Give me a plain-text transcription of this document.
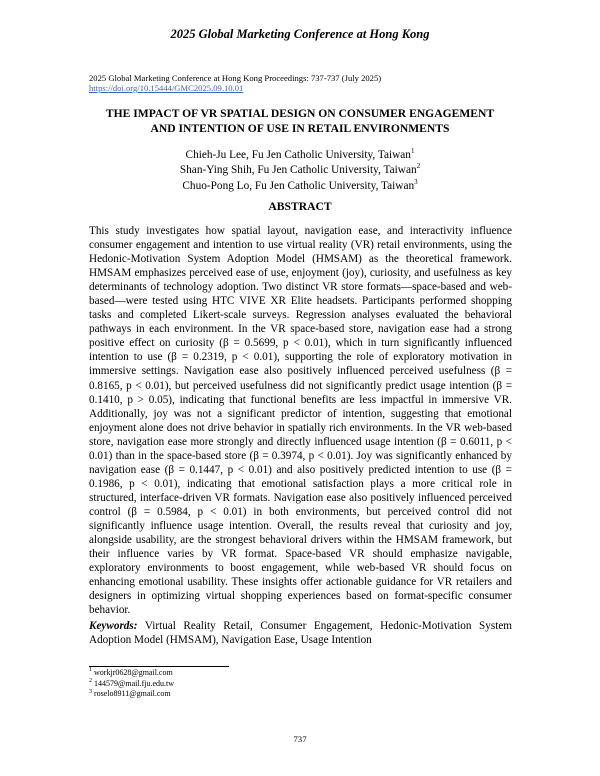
2025 Global Marketing Conference at Hong Kong
2025 Global Marketing Conference at Hong Kong Proceedings: 737-737 (July 2025)
https://doi.org/10.15444/GMC2025.09.10.01
THE IMPACT OF VR SPATIAL DESIGN ON CONSUMER ENGAGEMENT
AND INTENTION OF USE IN RETAIL ENVIRONMENTS
Chieh-Ju Lee, Fu Jen Catholic University, Taiwan$^1$
Shan-Ying Shih, Fu Jen Catholic University, Taiwan$^2$
Chuo-Pong Lo, Fu Jen Catholic University, Taiwan$^3$
ABSTRACT
This study investigates how spatial layout, navigation ease, and interactivity influence consumer engagement and intention to use virtual reality (VR) retail environments, using the Hedonic-Motivation System Adoption Model (HMSAM) as the theoretical framework. HMSAM emphasizes perceived ease of use, enjoyment (joy), curiosity, and usefulness as key determinants of technology adoption. Two distinct VR store formats—space-based and web-based—were tested using HTC VIVE XR Elite headsets. Participants performed shopping tasks and completed Likert-scale surveys. Regression analyses evaluated the behavioral pathways in each environment. In the VR space-based store, navigation ease had a strong positive effect on curiosity (β = 0.5699, p < 0.01), which in turn significantly influenced intention to use (β = 0.2319, p < 0.01), supporting the role of exploratory motivation in immersive settings. Navigation ease also positively influenced perceived usefulness (β = 0.8165, p < 0.01), but perceived usefulness did not significantly predict usage intention (β = 0.1410, p > 0.05), indicating that functional benefits are less impactful in immersive VR. Additionally, joy was not a significant predictor of intention, suggesting that emotional enjoyment alone does not drive behavior in spatially rich environments. In the VR web-based store, navigation ease more strongly and directly influenced usage intention (β = 0.6011, p < 0.01) than in the space-based store (β = 0.3974, p < 0.01). Joy was significantly enhanced by navigation ease (β = 0.1447, p < 0.01) and also positively predicted intention to use (β = 0.1986, p < 0.01), indicating that emotional satisfaction plays a more critical role in structured, interface-driven VR formats. Navigation ease also positively influenced perceived control (β = 0.5984, p < 0.01) in both environments, but perceived control did not significantly influence usage intention. Overall, the results reveal that curiosity and joy, alongside usability, are the strongest behavioral drivers within the HMSAM framework, but their influence varies by VR format. Space-based VR should emphasize navigable, exploratory environments to boost engagement, while web-based VR should focus on enhancing emotional usability. These insights offer actionable guidance for VR retailers and designers in optimizing virtual shopping experiences based on format-specific consumer behavior.
Keywords: Virtual Reality Retail, Consumer Engagement, Hedonic-Motivation System Adoption Model (HMSAM), Navigation Ease, Usage Intention
$^1$ workjr0628@gmail.com
$^2$ 144579@mail.fju.edu.tw
$^3$ roselo8911@gmail.com
737
